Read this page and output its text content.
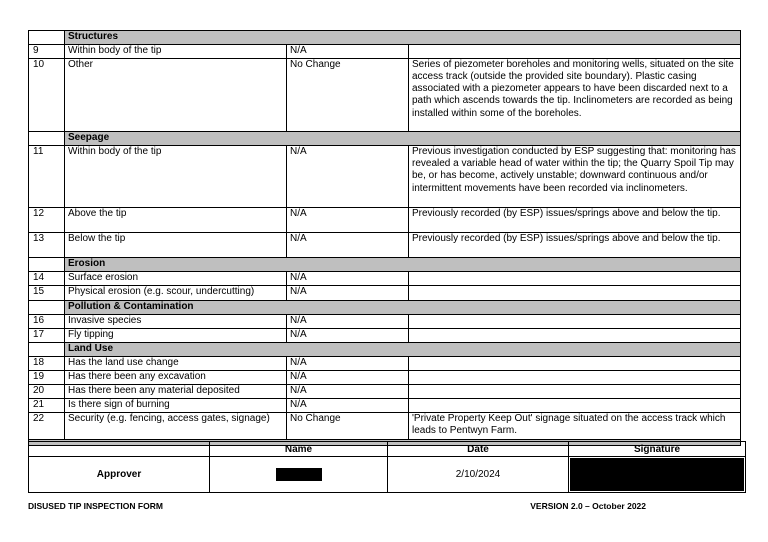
	Structures		
9	Within body of the tip	N/A	
10	Other	No Change	Series of piezometer boreholes and monitoring wells, situated on the site access track (outside the provided site boundary). Plastic casing associated with a piezometer appears to have been discarded next to a path which ascends towards the tip. Inclinometers are recorded as being installed within some of the boreholes.
	Seepage		
11	Within body of the tip	N/A	Previous investigation conducted by ESP suggesting that: monitoring has revealed a variable head of water within the tip; the Quarry Spoil Tip may be, or has become, actively unstable; downward continuous and/or intermittent movements have been recorded via inclinometers.
12	Above the tip	N/A	Previously recorded (by ESP) issues/springs above and below the tip.
13	Below the tip	N/A	Previously recorded (by ESP) issues/springs above and below the tip.
	Erosion		
14	Surface erosion	N/A	
15	Physical erosion (e.g. scour, undercutting)	N/A	
	Pollution & Contamination		
16	Invasive species	N/A	
17	Fly tipping	N/A	
	Land Use		
18	Has the land use change	N/A	
19	Has there been any excavation	N/A	
20	Has there been any material deposited	N/A	
21	Is there sign of burning	N/A	
22	Security (e.g. fencing, access gates, signage)	No Change	'Private Property Keep Out' signage situated on the access track which leads to Pentwyn Farm.

	Name	Date	Signature
Approver		2/10/2024	
DISUSED TIP INSPECTION FORM	VERSION 2.0 – October 2022
